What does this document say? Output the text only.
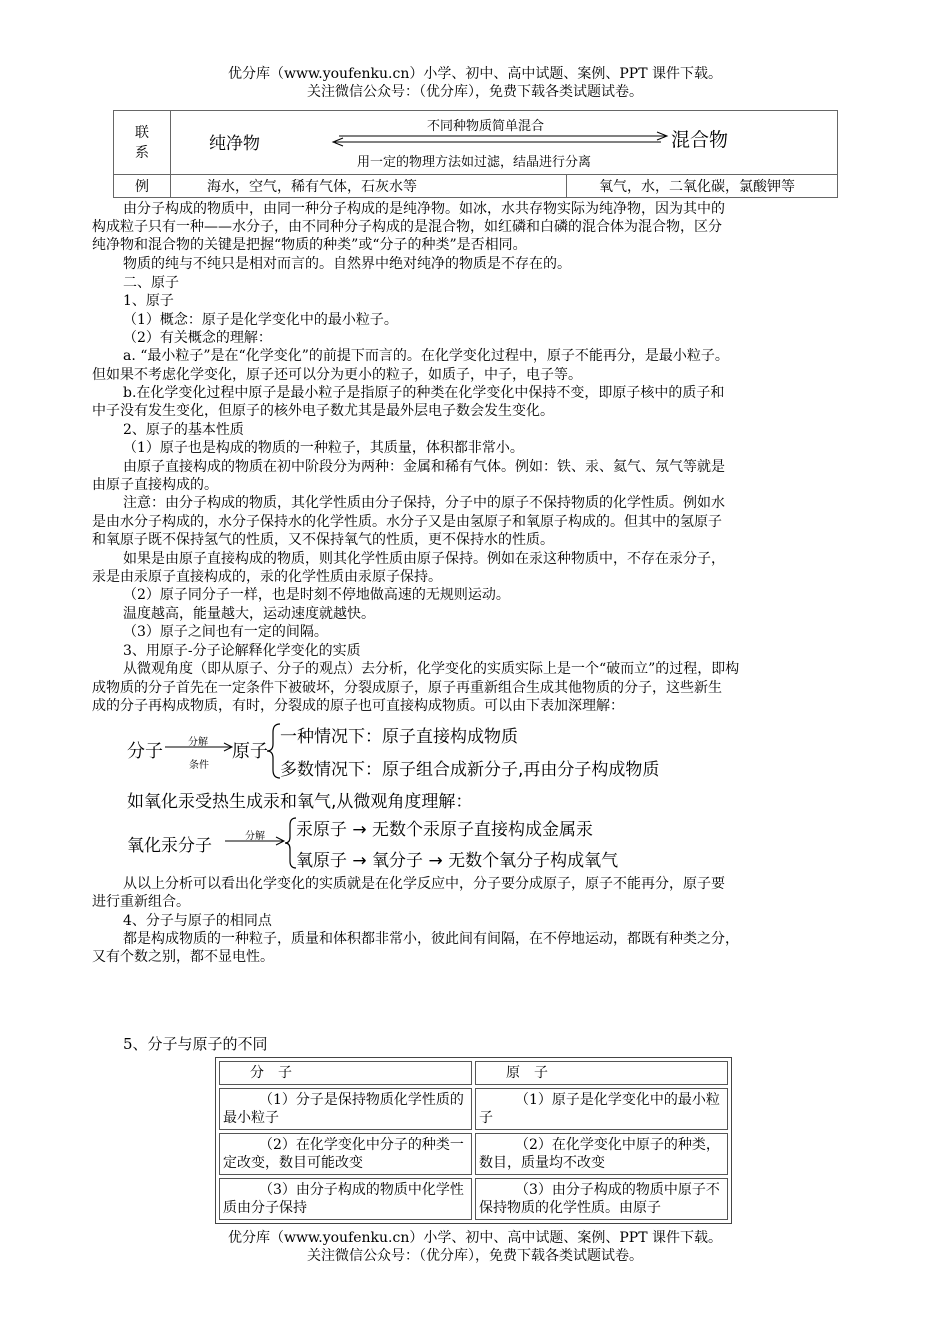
优分库（www.youfenku.cn）小学、初中、高中试题、案例、PPT 课件下载。
关注微信公众号：（优分库），免费下载各类试题试卷。
联
系	纯净物 混合物
不同种物质简单混合
用一定的物理方法如过滤，结晶进行分离	

例	海水，空气，稀有气体，石灰水等	氧气，水，二氧化碳，氯酸钾等
由分子构成的物质中，由同一种分子构成的是纯净物。如冰，水共存物实际为纯净物，因为其中的
构成粒子只有一种——水分子，由不同种分子构成的是混合物，如红磷和白磷的混合体为混合物，区分
纯净物和混合物的关键是把握“物质的种类”或“分子的种类”是否相同。
物质的纯与不纯只是相对而言的。自然界中绝对纯净的物质是不存在的。
二、原子
1、原子
（1）概念：原子是化学变化中的最小粒子。
（2）有关概念的理解：
a. “最小粒子”是在“化学变化”的前提下而言的。在化学变化过程中，原子不能再分，是最小粒子。
但如果不考虑化学变化，原子还可以分为更小的粒子，如质子，中子，电子等。
b.在化学变化过程中原子是最小粒子是指原子的种类在化学变化中保持不变，即原子核中的质子和
中子没有发生变化，但原子的核外电子数尤其是最外层电子数会发生变化。
2、原子的基本性质
（1）原子也是构成的物质的一种粒子，其质量，体积都非常小。
由原子直接构成的物质在初中阶段分为两种：金属和稀有气体。例如：铁、汞、氦气、氖气等就是
由原子直接构成的。
注意：由分子构成的物质，其化学性质由分子保持，分子中的原子不保持物质的化学性质。例如水
是由水分子构成的，水分子保持水的化学性质。水分子又是由氢原子和氧原子构成的。但其中的氢原子
和氧原子既不保持氢气的性质，又不保持氧气的性质，更不保持水的性质。
如果是由原子直接构成的物质，则其化学性质由原子保持。例如在汞这种物质中，不存在汞分子，
汞是由汞原子直接构成的，汞的化学性质由汞原子保持。
（2）原子同分子一样，也是时刻不停地做高速的无规则运动。
温度越高，能量越大，运动速度就越快。
（3）原子之间也有一定的间隔。
3、用原子-分子论解释化学变化的实质
从微观角度（即从原子、分子的观点）去分析，化学变化的实质实际上是一个“破而立”的过程，即构
成物质的分子首先在一定条件下被破坏，分裂成原子，原子再重新组合生成其他物质的分子，这些新生
成的分子再构成物质，有时，分裂成的原子也可直接构成物质。可以由下表加深理解：
分子	分解
条件
原子
一种情况下：原子直接构成物质
多数情况下：原子组合成新分子,再由分子构成物质
如氧化汞受热生成汞和氧气,从微观角度理解：
氧化汞分子	分解 汞原子 → 无数个汞原子直接构成金属汞
氧原子 → 氧分子 → 无数个氧分子构成氧气
从以上分析可以看出化学变化的实质就是在化学反应中，分子要分成原子，原子不能再分，原子要
进行重新组合。
4、分子与原子的相同点
都是构成物质的一种粒子，质量和体积都非常小，彼此间有间隔，在不停地运动，都既有种类之分，
又有个数之别，都不显电性。
5、分子与原子的不同
分　子	原　子
（1）分子是保持物质化学性质的最小粒子	（1）原子是化学变化中的最小粒子
（2）在化学变化中分子的种类一定改变，数目可能改变	（2）在化学变化中原子的种类，数目，质量均不改变
（3）由分子构成的物质中化学性质由分子保持	（3）由分子构成的物质中原子不保持物质的化学性质。由原子
优分库（www.youfenku.cn）小学、初中、高中试题、案例、PPT 课件下载。
关注微信公众号：（优分库），免费下载各类试题试卷。
